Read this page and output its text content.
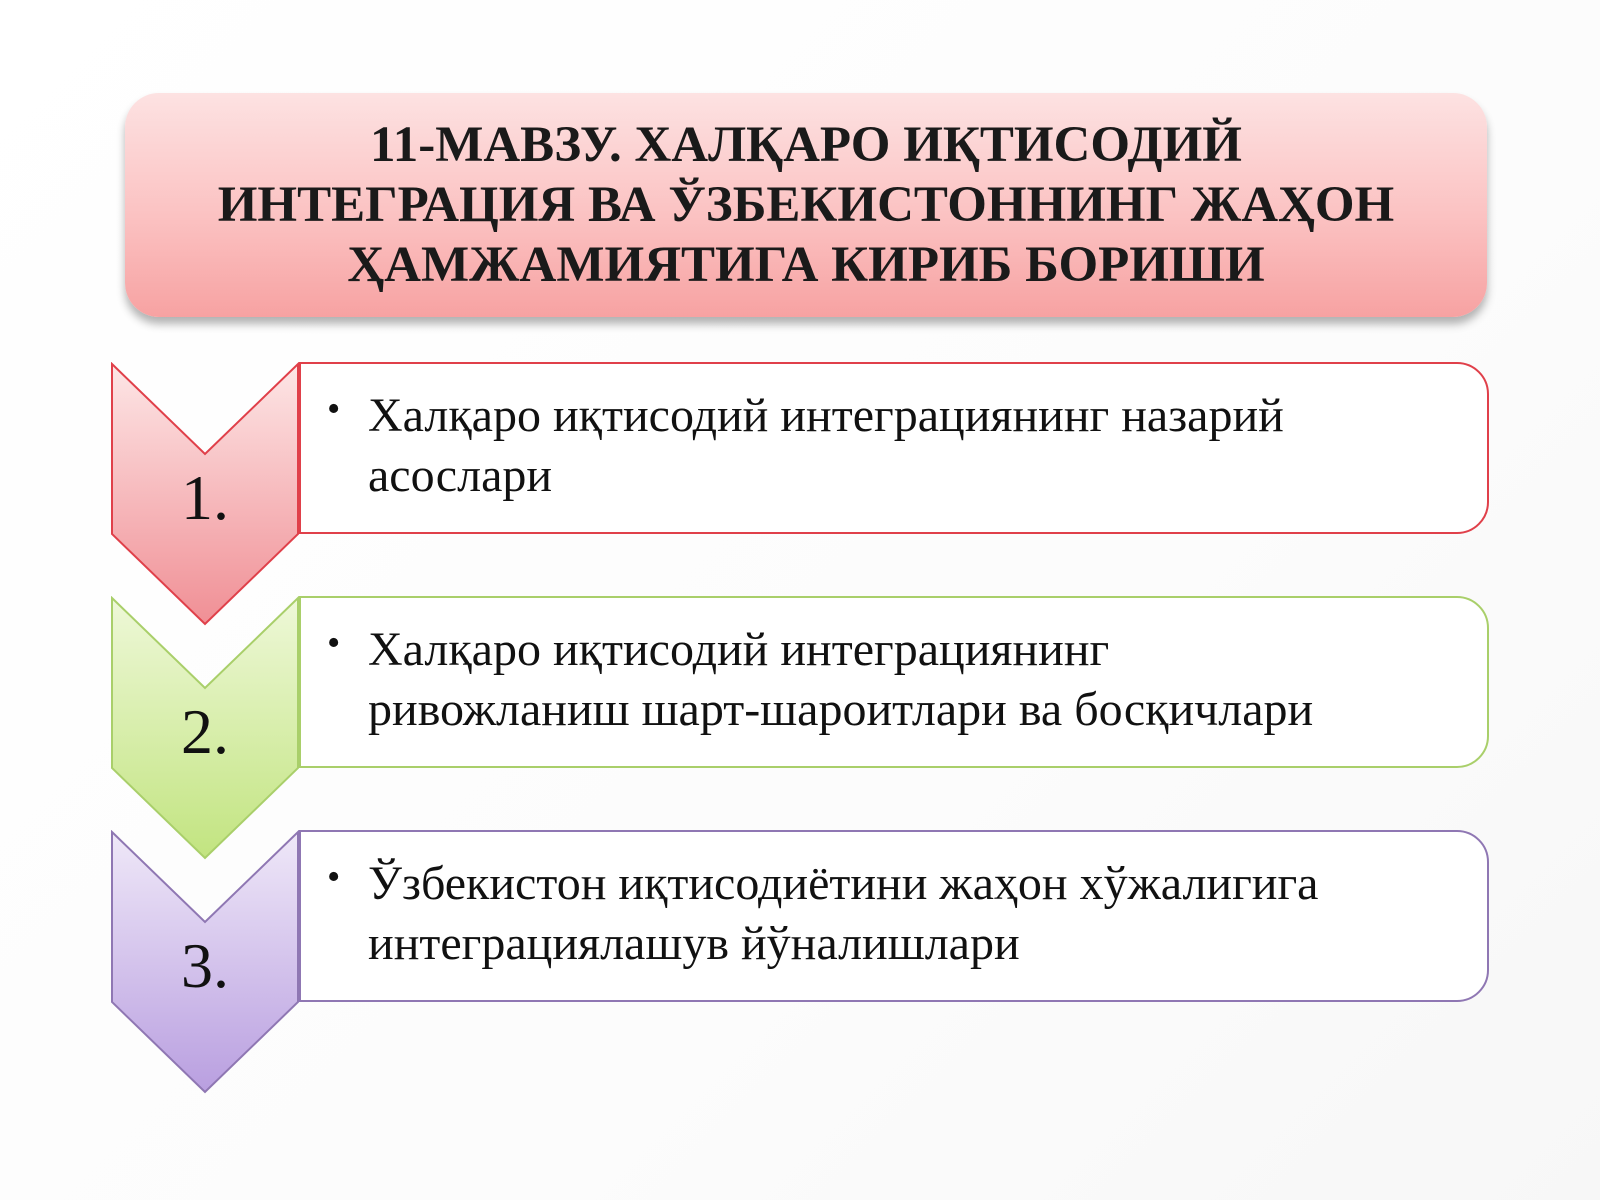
11-МАВЗУ. ХАЛҚАРО ИҚТИСОДИЙ
ИНТЕГРАЦИЯ ВА ЎЗБЕКИСТОННИНГ ЖАҲОН
ҲАМЖАМИЯТИГА КИРИБ БОРИШИ
1.
• Халқаро иқтисодий интеграциянинг назарий
асослари
2.
• Халқаро иқтисодий интеграциянинг
ривожланиш шарт-шароитлари ва босқичлари
3.
• Ўзбекистон иқтисодиётини жаҳон хўжалигига
интеграциялашув йўналишлари
